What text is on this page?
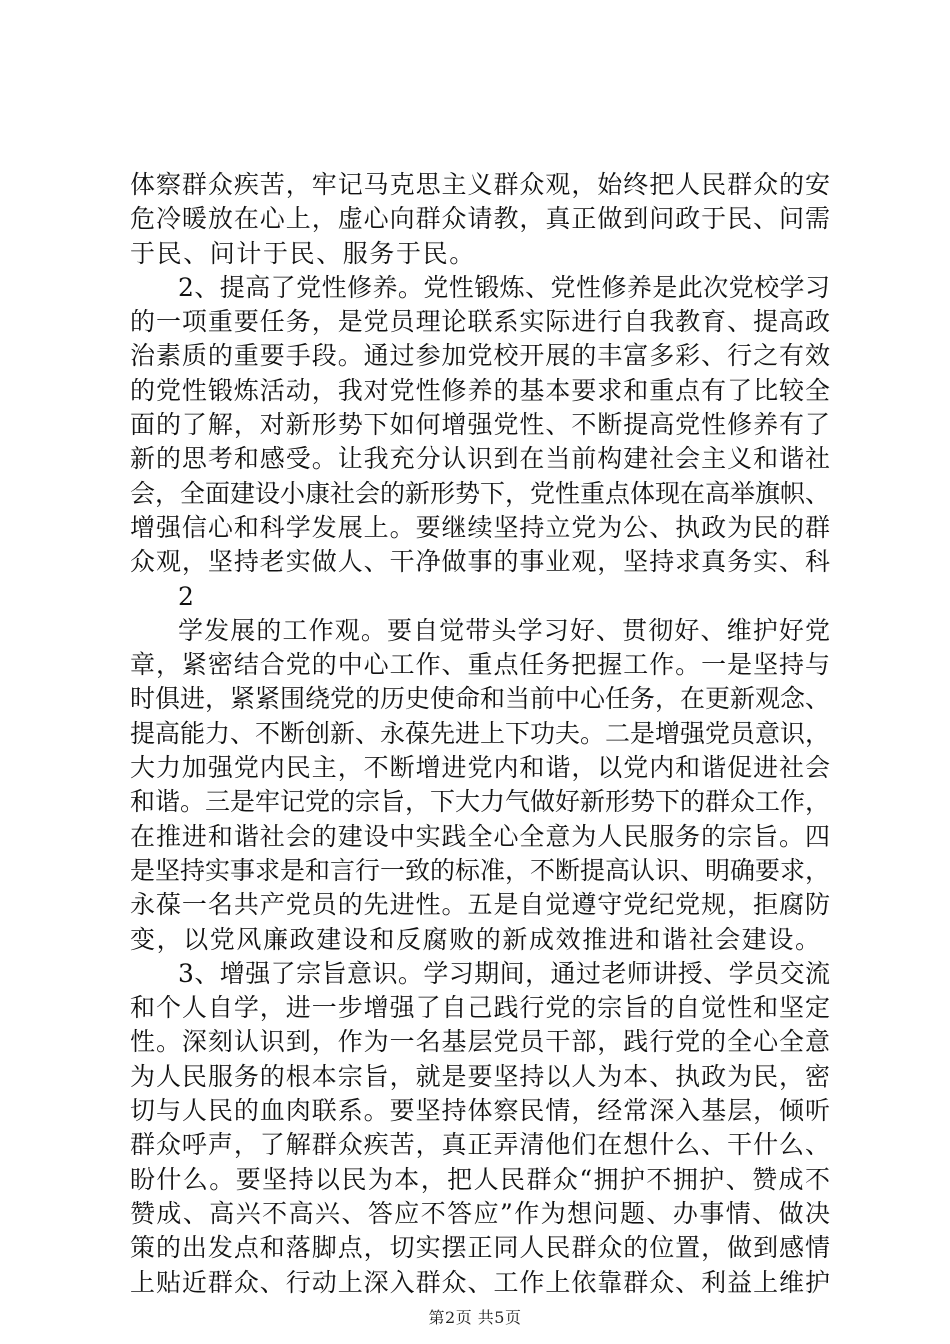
体察群众疾苦，牢记马克思主义群众观，始终把人民群众的安
危冷暖放在心上，虚心向群众请教，真正做到问政于民、问需
于民、问计于民、服务于民。
2、提高了党性修养。党性锻炼、党性修养是此次党校学习
的一项重要任务，是党员理论联系实际进行自我教育、提高政
治素质的重要手段。通过参加党校开展的丰富多彩、行之有效
的党性锻炼活动，我对党性修养的基本要求和重点有了比较全
面的了解，对新形势下如何增强党性、不断提高党性修养有了
新的思考和感受。让我充分认识到在当前构建社会主义和谐社
会，全面建设小康社会的新形势下，党性重点体现在高举旗帜、
增强信心和科学发展上。要继续坚持立党为公、执政为民的群
众观，坚持老实做人、干净做事的事业观，坚持求真务实、科
2
学发展的工作观。要自觉带头学习好、贯彻好、维护好党
章，紧密结合党的中心工作、重点任务把握工作。一是坚持与
时俱进，紧紧围绕党的历史使命和当前中心任务，在更新观念、
提高能力、不断创新、永葆先进上下功夫。二是增强党员意识，
大力加强党内民主，不断增进党内和谐，以党内和谐促进社会
和谐。三是牢记党的宗旨，下大力气做好新形势下的群众工作，
在推进和谐社会的建设中实践全心全意为人民服务的宗旨。四
是坚持实事求是和言行一致的标准，不断提高认识、明确要求，
永葆一名共产党员的先进性。五是自觉遵守党纪党规，拒腐防
变，以党风廉政建设和反腐败的新成效推进和谐社会建设。
3、增强了宗旨意识。学习期间，通过老师讲授、学员交流
和个人自学，进一步增强了自己践行党的宗旨的自觉性和坚定
性。深刻认识到，作为一名基层党员干部，践行党的全心全意
为人民服务的根本宗旨，就是要坚持以人为本、执政为民，密
切与人民的血肉联系。要坚持体察民情，经常深入基层，倾听
群众呼声，了解群众疾苦，真正弄清他们在想什么、干什么、
盼什么。要坚持以民为本，把人民群众“拥护不拥护、赞成不
赞成、高兴不高兴、答应不答应”作为想问题、办事情、做决
策的出发点和落脚点，切实摆正同人民群众的位置，做到感情
上贴近群众、行动上深入群众、工作上依靠群众、利益上维护
第2页 共5页
